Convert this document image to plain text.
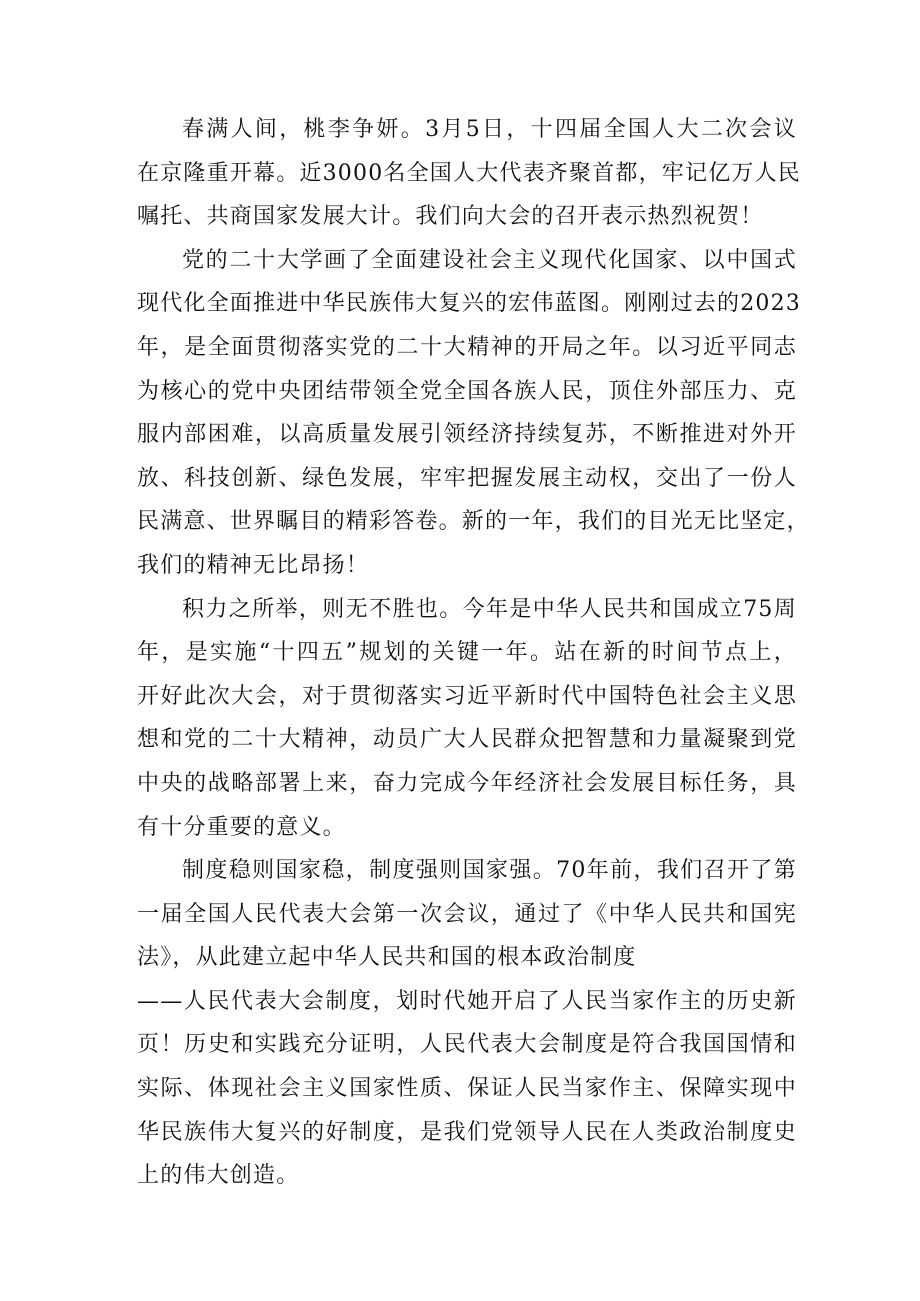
春满人间，桃李争妍。3月5日，十四届全国人大二次会议
在京隆重开幕。近3000名全国人大代表齐聚首都，牢记亿万人民
嘱托、共商国家发展大计。我们向大会的召开表示热烈祝贺！
党的二十大学画了全面建设社会主义现代化国家、以中国式
现代化全面推进中华民族伟大复兴的宏伟蓝图。刚刚过去的2023
年，是全面贯彻落实党的二十大精神的开局之年。以习近平同志
为核心的党中央团结带领全党全国各族人民，顶住外部压力、克
服内部困难，以高质量发展引领经济持续复苏，不断推进对外开
放、科技创新、绿色发展，牢牢把握发展主动权，交出了一份人
民满意、世界瞩目的精彩答卷。新的一年，我们的目光无比坚定，
我们的精神无比昂扬！
积力之所举，则无不胜也。今年是中华人民共和国成立75周
年，是实施“十四五”规划的关键一年。站在新的时间节点上，
开好此次大会，对于贯彻落实习近平新时代中国特色社会主义思
想和党的二十大精神，动员广大人民群众把智慧和力量凝聚到党
中央的战略部署上来，奋力完成今年经济社会发展目标任务，具
有十分重要的意义。
制度稳则国家稳，制度强则国家强。70年前，我们召开了第
一届全国人民代表大会第一次会议，通过了《中华人民共和国宪
法》，从此建立起中华人民共和国的根本政治制度
——人民代表大会制度，划时代她开启了人民当家作主的历史新
页！历史和实践充分证明，人民代表大会制度是符合我国国情和
实际、体现社会主义国家性质、保证人民当家作主、保障实现中
华民族伟大复兴的好制度，是我们党领导人民在人类政治制度史
上的伟大创造。
